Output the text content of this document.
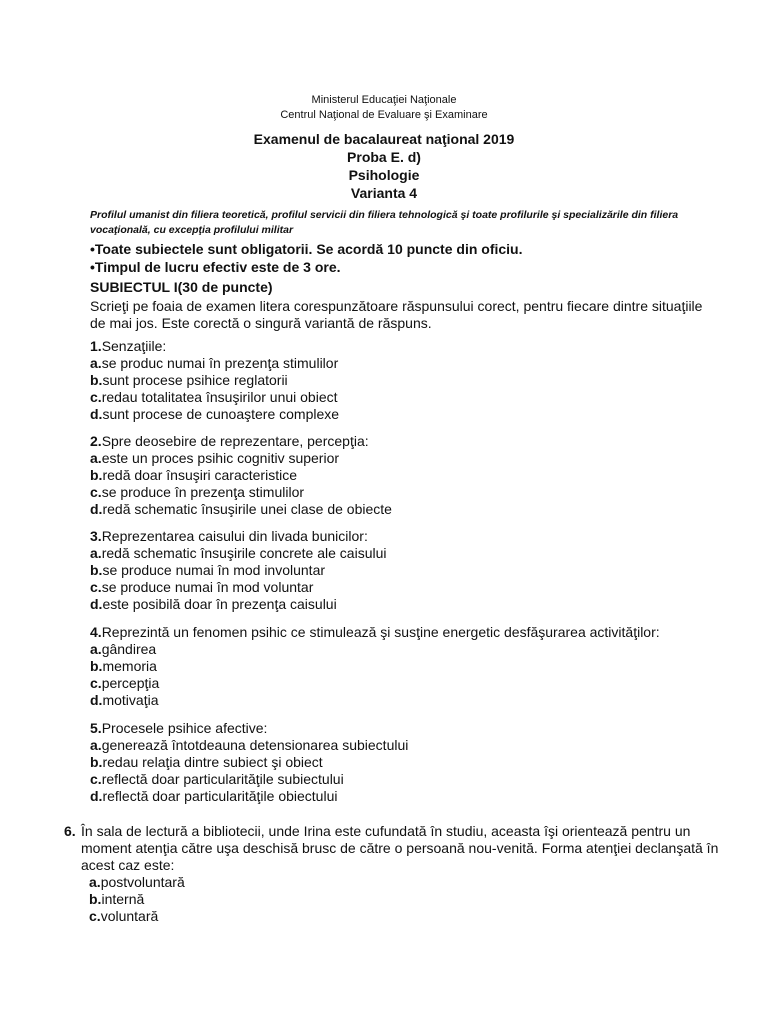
Ministerul Educaţiei Naţionale
Centrul Naţional de Evaluare şi Examinare
Examenul de bacalaureat naţional 2019
Proba E. d)
Psihologie
Varianta 4
Profilul umanist din filiera teoretică, profilul servicii din filiera tehnologică şi toate profilurile şi specializările din filiera vocaţională, cu excepţia profilului militar
•Toate subiectele sunt obligatorii. Se acordă 10 puncte din oficiu.
•Timpul de lucru efectiv este de 3 ore.
SUBIECTUL I(30 de puncte)
Scrieţi pe foaia de examen litera corespunzătoare răspunsului corect, pentru fiecare dintre situaţiile de mai jos. Este corectă o singură variantă de răspuns.
1.Senzaţiile:
a.se produc numai în prezenţa stimulilor
b.sunt procese psihice reglatorii
c.redau totalitatea însuşirilor unui obiect
d.sunt procese de cunoaştere complexe
2.Spre deosebire de reprezentare, percepţia:
a.este un proces psihic cognitiv superior
b.redă doar însuşiri caracteristice
c.se produce în prezenţa stimulilor
d.redă schematic însuşirile unei clase de obiecte
3.Reprezentarea caisului din livada bunicilor:
a.redă schematic însuşirile concrete ale caisului
b.se produce numai în mod involuntar
c.se produce numai în mod voluntar
d.este posibilă doar în prezenţa caisului
4.Reprezintă un fenomen psihic ce stimulează şi susţine energetic desfăşurarea activităţilor:
a.gândirea
b.memoria
c.percepţia
d.motivaţia
5.Procesele psihice afective:
a.generează întotdeauna detensionarea subiectului
b.redau relaţia dintre subiect şi obiect
c.reflectă doar particularităţile subiectului
d.reflectă doar particularităţile obiectului
6. În sala de lectură a bibliotecii, unde Irina este cufundată în studiu, aceasta îşi orientează pentru un moment atenţia către uşa deschisă brusc de către o persoană nou-venită. Forma atenţiei declanşată în acest caz este:
a.postvoluntară
b.internă
c.voluntară
